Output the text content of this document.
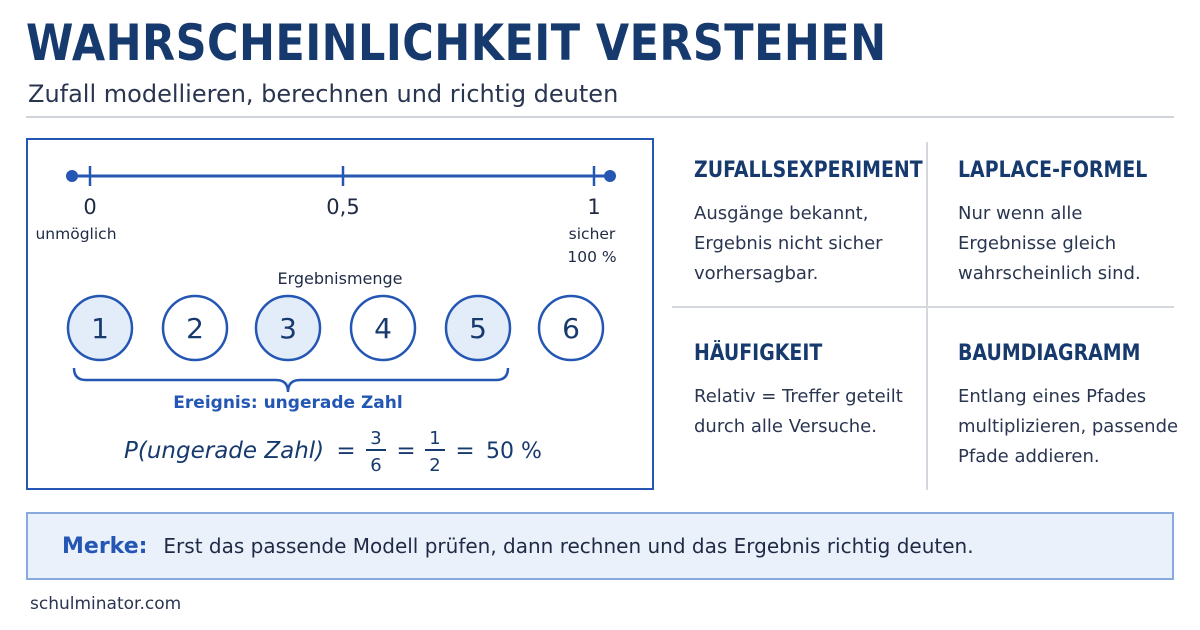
WAHRSCHEINLICHKEIT VERSTEHEN
Zufall modellieren, berechnen und richtig deuten
0
unmöglich
0,5	1
sicher
100 %
Ergebnismenge
1	2	3	4	5	6
Ereignis: ungerade Zahl
P(ungerade Zahl) = 3
6
= 1
2
= 50 %
ZUFALLSEXPERIMENT
Ausgänge bekannt,
Ergebnis nicht sicher
vorhersagbar.
LAPLACE-FORMEL
Nur wenn alle
Ergebnisse gleich
wahrscheinlich sind.
HÄUFIGKEIT
Relativ = Treffer geteilt
durch alle Versuche.
BAUMDIAGRAMM
Entlang eines Pfades
multiplizieren, passende
Pfade addieren.
Merke: Erst das passende Modell prüfen, dann rechnen und das Ergebnis richtig deuten.
schulminator.com
